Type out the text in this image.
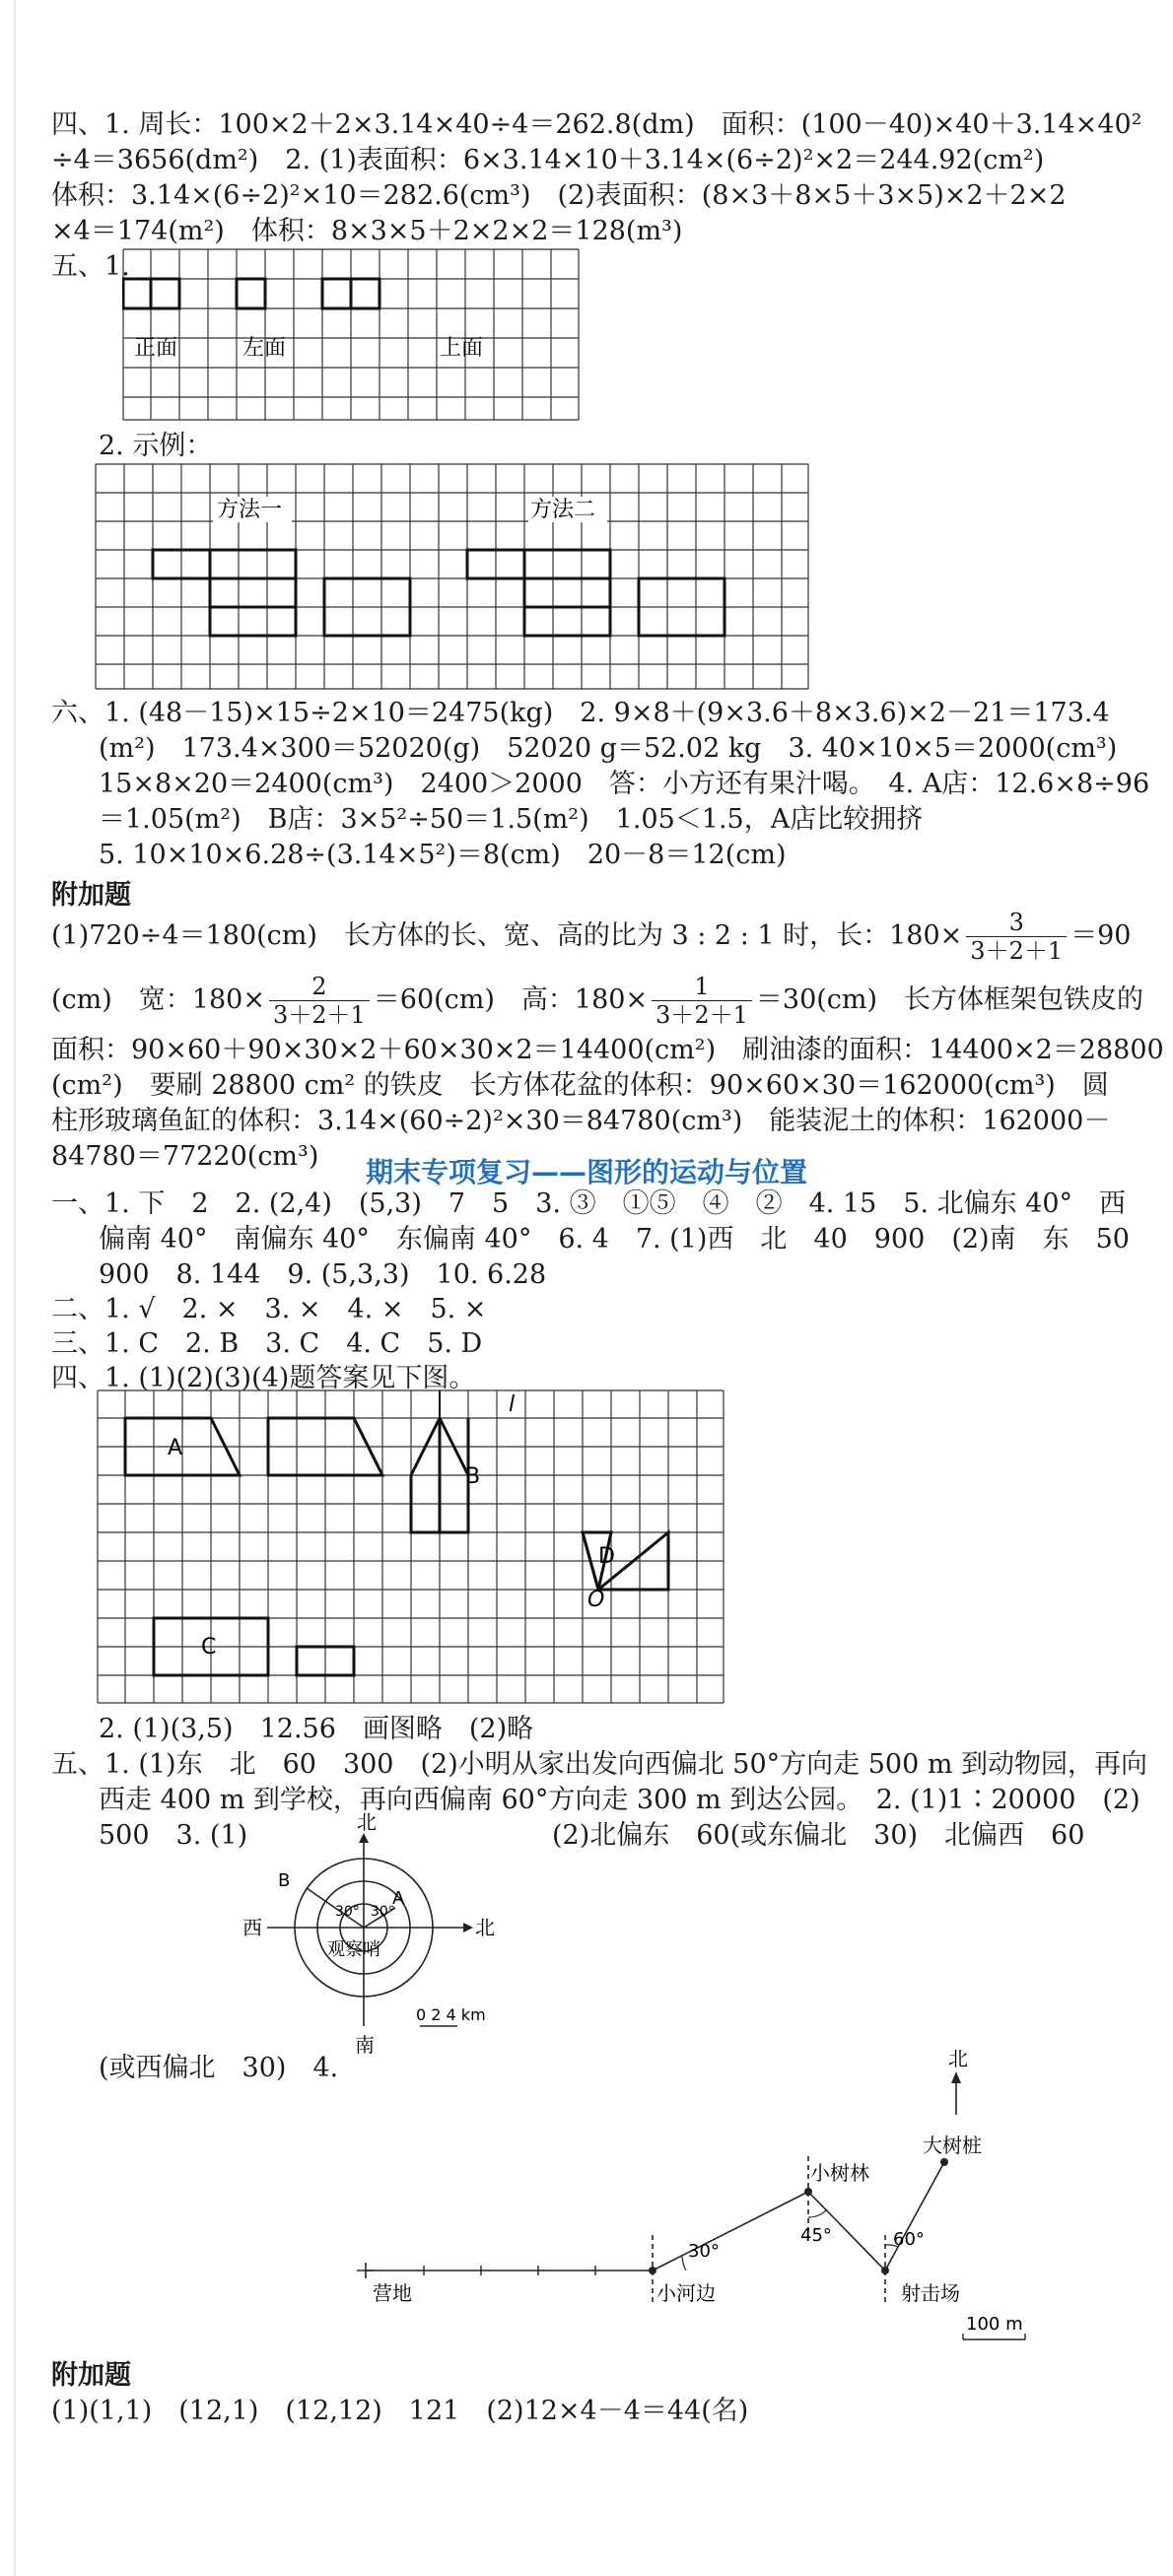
四、1. 周长：100×2＋2×3.14×40÷4＝262.8(dm)　面积：(100－40)×40＋3.14×40²
÷4＝3656(dm²)　2. (1)表面积：6×3.14×10＋3.14×(6÷2)²×2＝244.92(cm²)
体积：3.14×(6÷2)²×10＝282.6(cm³)　(2)表面积：(8×3＋8×5＋3×5)×2＋2×2
×4＝174(m²)　体积：8×3×5＋2×2×2＝128(m³)
五、1.
正面	左面	上面
2. 示例：
方法一	方法二
六、1. (48－15)×15÷2×10＝2475(kg)　2. 9×8＋(9×3.6＋8×3.6)×2－21＝173.4
(m²)　173.4×300＝52020(g)　52020 g＝52.02 kg　3. 40×10×5＝2000(cm³)
15×8×20＝2400(cm³)　2400＞2000　答：小方还有果汁喝。　4. A店：12.6×8÷96
＝1.05(m²)　B店：3×5²÷50＝1.5(m²)　1.05＜1.5，A店比较拥挤
5. 10×10×6.28÷(3.14×5²)＝8(cm)　20－8＝12(cm)
附加题
(1)720÷4＝180(cm)　长方体的长、宽、高的比为 3 : 2 : 1 时，长：$180\times \frac{3}{3+2+1} =90$
(cm)　宽：$180\times \frac{2}{3+2+1} =60(cm)$　高：$180\times \frac{1}{3+2+1} =30(cm)$　长方体框架包铁皮的
面积：90×60＋90×30×2＋60×30×2＝14400(cm²)　刷油漆的面积：14400×2＝28800
(cm²)　要刷 28800 cm² 的铁皮　长方体花盆的体积：90×60×30＝162000(cm³)　圆
柱形玻璃鱼缸的体积：3.14×(60÷2)²×30＝84780(cm³)　能装泥土的体积：162000－
84780＝77220(cm³)	期末专项复习——图形的运动与位置
一、1. 下　2　2. (2,4)　(5,3)　7　5　3. ③　①⑤　④　②　4. 15　5. 北偏东 40°　西
偏南 40°　南偏东 40°　东偏南 40°　6. 4　7. (1)西　北　40　900　(2)南　东　50
900　8. 144　9. (5,3,3)　10. 6.28
二、1. √　2. ×　3. ×　4. ×　5. ×
三、1. C　2. B　3. C　4. C　5. D
四、1. (1)(2)(3)(4)题答案见下图。
A
B
C
D
O
l
2. (1)(3,5)　12.56　画图略　(2)略
五、1. (1)东　北　60　300　(2)小明从家出发向西偏北 50°方向走 500 m 到动物园，再向
西走 400 m 到学校，再向西偏南 60°方向走 300 m 到达公园。　2. (1)1∶20000　(2)
500　3. (1)	(2)北偏东　60(或东偏北　30)　北偏西　60
北
南
西	北
观察哨
A
B
30°
30°
0 2 4 km
(或西偏北　30)　4.	北
营地	小河边
小树林
大树桩
射击场
30°
45°	60°
100 m
附加题
(1)(1,1)　(12,1)　(12,12)　121　(2)12×4－4＝44(名)
